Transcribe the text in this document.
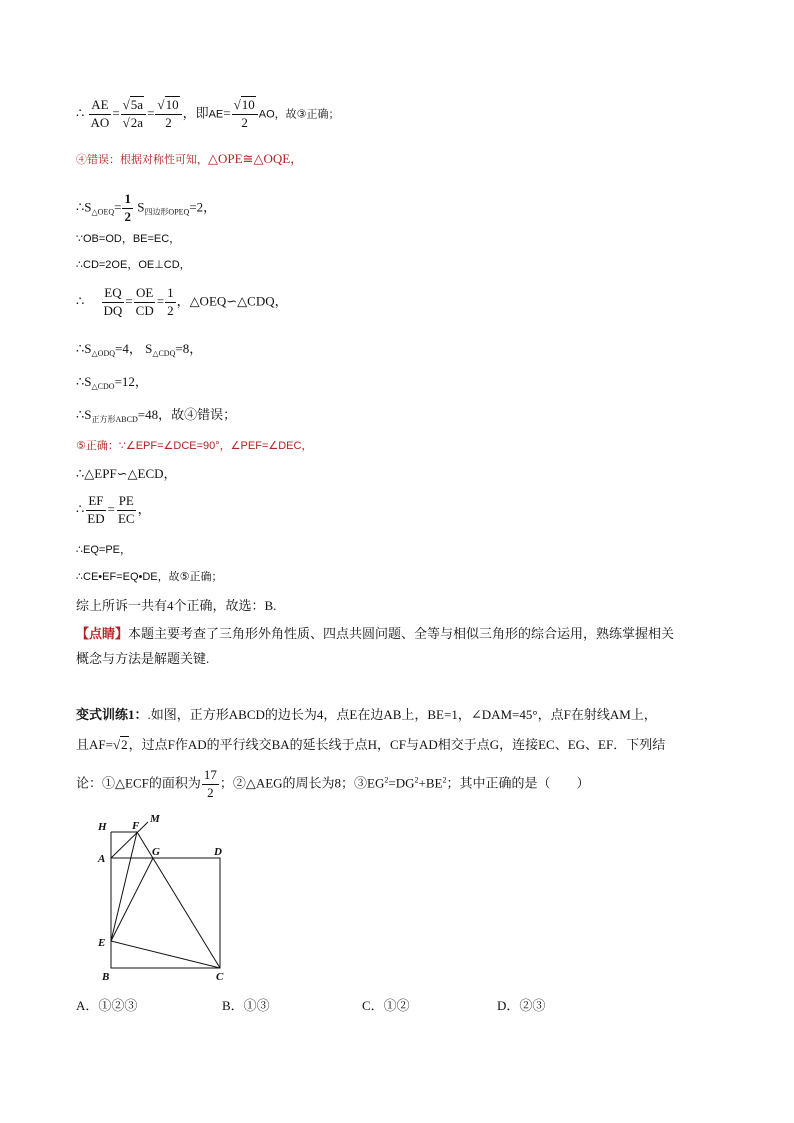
∴ $\frac{AE}{AO} = \frac{√5a}{√2a} = \frac{√10}{2}$ ，即$AE= \frac{√10}{2}$ AO，故③正确；
④错误：根据对称性可知，△OPE≅△OQE，
$\therefore S_{\triangle OEQ}= \frac{1}{2} S_{四边形OPEQ}=2$，
∵OB=OD，BE=EC，
∴CD=2OE，OE⊥CD，
∴ $\frac{EQ}{DQ} = \frac{OE}{CD} = \frac{1}{2}$ ，△OEQ∽△CDQ，
$\therefore S_{\triangle ODQ}=4$， $S_{\triangle CDQ}=8$，
$\therefore S_{\triangle CDO}=12$，
$\therefore S_{正方形ABCD}=48$，故④错误；
⑤正确：∵∠EPF=∠DCE=90°，∠PEF=∠DEC，
∴△EPF∽△ECD，
∴ $\frac{EF}{ED} = \frac{PE}{EC}$ ，
∴EQ=PE，
∴CE•EF=EQ•DE，故⑤正确；
综上所诉一共有4个正确，故选：B.
【点睛】本题主要考查了三角形外角性质、四点共圆问题、全等与相似三角形的综合运用，熟练掌握相关
概念与方法是解题关键.
变式训练1：.如图，正方形ABCD的边长为4，点E在边AB上，BE=1，∠DAM=45°，点F在射线AM上，
且AF=√2，过点F作AD的平行线交BA的延长线于点H，CF与AD相交于点G，连接EC、EG、EF．下列结
论：①△ECF的面积为 $\frac{17}{2}$ ；②△AEG的周长为8；$③EG^2=DG^2+BE^2$；其中正确的是（　　）
H F
M
A
G	D
E
B	C
A．①②③	B．①③	C．①②	D．②③
